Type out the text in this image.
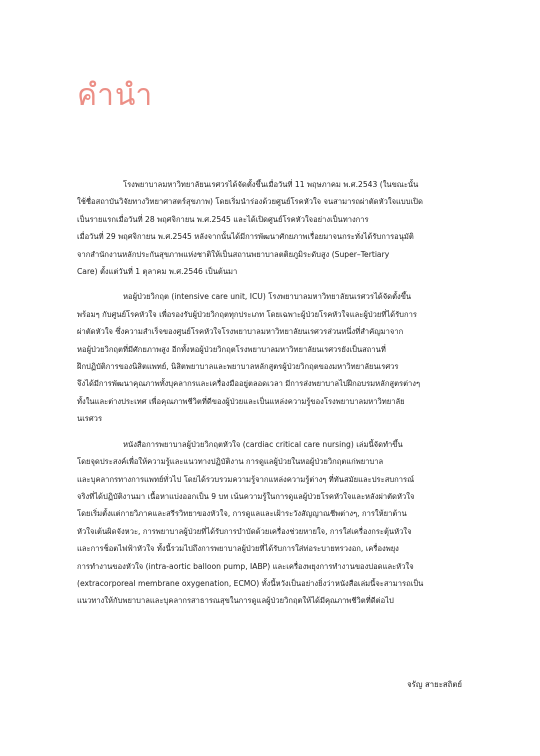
คำนำ

โรงพยาบาลมหาวิทยาลัยนเรศวรได้จัดตั้งขึ้นเมื่อวันที่ 11 พฤษภาคม พ.ศ.2543 (ในขณะนั้น
ใช้ชื่อสถาบันวิจัยทางวิทยาศาสตร์สุขภาพ) โดยเริ่มนำร่องด้วยศูนย์โรคหัวใจ จนสามารถผ่าตัดหัวใจแบบเปิด
เป็นรายแรกเมื่อวันที่ 28 พฤศจิกายน พ.ศ.2545 และได้เปิดศูนย์โรคหัวใจอย่างเป็นทางการ
เมื่อวันที่ 29 พฤศจิกายน พ.ศ.2545 หลังจากนั้นได้มีการพัฒนาศักยภาพเรื่อยมาจนกระทั่งได้รับการอนุมัติ
จากสำนักงานหลักประกันสุขภาพแห่งชาติให้เป็นสถานพยาบาลตติยภูมิระดับสูง (Super–Tertiary
Care) ตั้งแต่วันที่ 1 ตุลาคม พ.ศ.2546 เป็นต้นมา

หอผู้ป่วยวิกฤต (intensive care unit, ICU) โรงพยาบาลมหาวิทยาลัยนเรศวรได้จัดตั้งขึ้น
พร้อมๆ กับศูนย์โรคหัวใจ เพื่อรองรับผู้ป่วยวิกฤตทุกประเภท โดยเฉพาะผู้ป่วยโรคหัวใจและผู้ป่วยที่ได้รับการ
ผ่าตัดหัวใจ ซึ่งความสำเร็จของศูนย์โรคหัวใจโรงพยาบาลมหาวิทยาลัยนเรศวรส่วนหนึ่งที่สำคัญมาจาก
หอผู้ป่วยวิกฤตที่มีศักยภาพสูง อีกทั้งหอผู้ป่วยวิกฤตโรงพยาบาลมหาวิทยาลัยนเรศวรยังเป็นสถานที่
ฝึกปฏิบัติการของนิสิตแพทย์, นิสิตพยาบาลและพยาบาลหลักสูตรผู้ป่วยวิกฤตของมหาวิทยาลัยนเรศวร
จึงได้มีการพัฒนาคุณภาพทั้งบุคลากรและเครื่องมืออยู่ตลอดเวลา มีการส่งพยาบาลไปฝึกอบรมหลักสูตรต่างๆ
ทั้งในและต่างประเทศ เพื่อคุณภาพชีวิตที่ดีของผู้ป่วยและเป็นแหล่งความรู้ของโรงพยาบาลมหาวิทยาลัย
นเรศวร

หนังสือการพยาบาลผู้ป่วยวิกฤตหัวใจ (cardiac critical care nursing) เล่มนี้จัดทำขึ้น
โดยจุดประสงค์เพื่อให้ความรู้และแนวทางปฏิบัติงาน การดูแลผู้ป่วยในหอผู้ป่วยวิกฤตแก่พยาบาล
และบุคลากรทางการแพทย์ทั่วไป โดยได้รวบรวมความรู้จากแหล่งความรู้ต่างๆ ที่ทันสมัยและประสบการณ์
จริงที่ได้ปฏิบัติงานมา เนื้อหาแบ่งออกเป็น 9 บท เน้นความรู้ในการดูแลผู้ป่วยโรคหัวใจและหลังผ่าตัดหัวใจ
โดยเริ่มตั้งแต่กายวิภาคและสรีรวิทยาของหัวใจ, การดูแลและเฝ้าระวังสัญญาณชีพต่างๆ, การให้ยาต้าน
หัวใจเต้นผิดจังหวะ, การพยาบาลผู้ป่วยที่ได้รับการบำบัดด้วยเครื่องช่วยหายใจ, การใส่เครื่องกระตุ้นหัวใจ
และการช็อตไฟฟ้าหัวใจ ทั้งนี้รวมไปถึงการพยาบาลผู้ป่วยที่ได้รับการใส่ท่อระบายทรวงอก, เครื่องพยุง
การทำงานของหัวใจ (intra-aortic balloon pump, IABP) และเครื่องพยุงการทำงานของปอดและหัวใจ
(extracorporeal membrane oxygenation, ECMO) ทั้งนี้หวังเป็นอย่างยิ่งว่าหนังสือเล่มนี้จะสามารถเป็น
แนวทางให้กับพยาบาลและบุคลากรสาธารณสุขในการดูแลผู้ป่วยวิกฤตให้ได้มีคุณภาพชีวิตที่ดีต่อไป

จรัญ สายะสถิตย์
